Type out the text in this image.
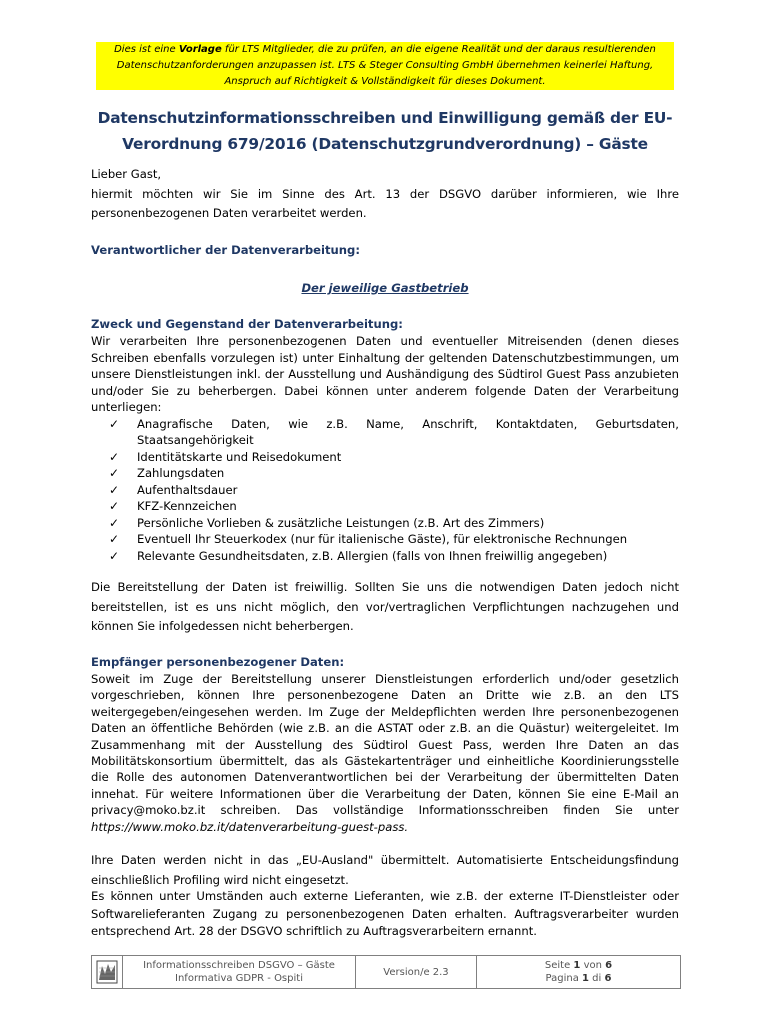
Dies ist eine Vorlage für LTS Mitglieder, die zu prüfen, an die eigene Realität und der daraus resultierenden Datenschutzanforderungen anzupassen ist. LTS & Steger Consulting GmbH übernehmen keinerlei Haftung, Anspruch auf Richtigkeit & Vollständigkeit für dieses Dokument.
Datenschutzinformationsschreiben und Einwilligung gemäß der EU-Verordnung 679/2016 (Datenschutzgrundverordnung) – Gäste
Lieber Gast,
hiermit möchten wir Sie im Sinne des Art. 13 der DSGVO darüber informieren, wie Ihre personenbezogenen Daten verarbeitet werden.
Verantwortlicher der Datenverarbeitung:
Der jeweilige Gastbetrieb
Zweck und Gegenstand der Datenverarbeitung:
Wir verarbeiten Ihre personenbezogenen Daten und eventueller Mitreisenden (denen dieses Schreiben ebenfalls vorzulegen ist) unter Einhaltung der geltenden Datenschutzbestimmungen, um unsere Dienstleistungen inkl. der Ausstellung und Aushändigung des Südtirol Guest Pass anzubieten und/oder Sie zu beherbergen. Dabei können unter anderem folgende Daten der Verarbeitung unterliegen:
✓ Anagrafische Daten, wie z.B. Name, Anschrift, Kontaktdaten, Geburtsdaten,
Staatsangehörigkeit
✓ Identitätskarte und Reisedokument
✓ Zahlungsdaten
✓ Aufenthaltsdauer
✓ KFZ-Kennzeichen
✓ Persönliche Vorlieben & zusätzliche Leistungen (z.B. Art des Zimmers)
✓ Eventuell Ihr Steuerkodex (nur für italienische Gäste), für elektronische Rechnungen
✓ Relevante Gesundheitsdaten, z.B. Allergien (falls von Ihnen freiwillig angegeben)
Die Bereitstellung der Daten ist freiwillig. Sollten Sie uns die notwendigen Daten jedoch nicht bereitstellen, ist es uns nicht möglich, den vor/vertraglichen Verpflichtungen nachzugehen und können Sie infolgedessen nicht beherbergen.
Empfänger personenbezogener Daten:
Soweit im Zuge der Bereitstellung unserer Dienstleistungen erforderlich und/oder gesetzlich vorgeschrieben, können Ihre personenbezogene Daten an Dritte wie z.B. an den LTS weitergegeben/eingesehen werden. Im Zuge der Meldepflichten werden Ihre personenbezogenen Daten an öffentliche Behörden (wie z.B. an die ASTAT oder z.B. an die Quästur) weitergeleitet. Im Zusammenhang mit der Ausstellung des Südtirol Guest Pass, werden Ihre Daten an das Mobilitätskonsortium übermittelt, das als Gästekartenträger und einheitliche Koordinierungsstelle die Rolle des autonomen Datenverantwortlichen bei der Verarbeitung der übermittelten Daten innehat. Für weitere Informationen über die Verarbeitung der Daten, können Sie eine E-Mail an privacy@moko.bz.it schreiben. Das vollständige Informationsschreiben finden Sie unter https://www.moko.bz.it/datenverarbeitung-guest-pass.
Ihre Daten werden nicht in das „EU-Ausland" übermittelt. Automatisierte Entscheidungsfindung einschließlich Profiling wird nicht eingesetzt.
Es können unter Umständen auch externe Lieferanten, wie z.B. der externe IT-Dienstleister oder Softwarelieferanten Zugang zu personenbezogenen Daten erhalten. Auftragsverarbeiter wurden entsprechend Art. 28 der DSGVO schriftlich zu Auftragsverarbeitern ernannt.
Informationsschreiben DSGVO – Gäste
Informativa GDPR - Ospiti
Version/e 2.3
Seite 1 von 6
Pagina 1 di 6
